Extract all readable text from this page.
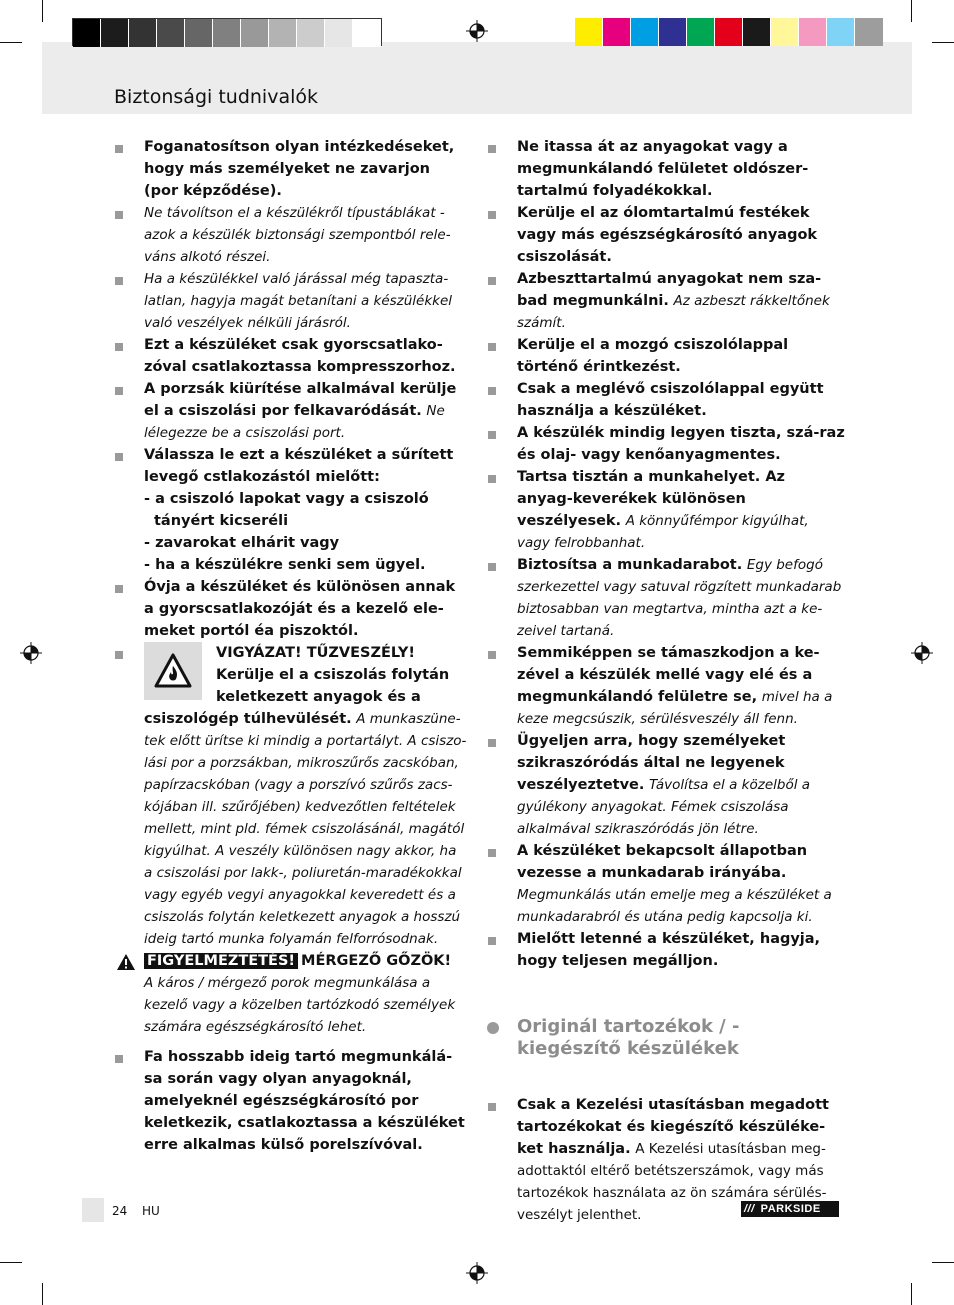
Biztonsági tudnivalók
Foganatosítson olyan intézkedéseket, hogy más személyeket ne zavarjon (por képződése).
Ne távolítson el a készülékről típustáblákat - azok a készülék biztonsági szempontból rele-váns alkotó részei.
Ha a készülékkel való járással még tapaszta-latlan, hagyja magát betanítani a készülékkel való veszélyek nélküli járásról.
Ezt a készüléket csak gyorscsatlako-zóval csatlakoztassa kompresszorhoz.
A porzsák kiürítése alkalmával kerülje el a csiszolási por felkavaródását. Ne lélegezze be a csiszolási port.
Válassza le ezt a készüléket a sűrített levegő cstlakozástól mielőtt:
- a csiszoló lapokat vagy a csiszoló
tányért kicseréli
- zavarokat elhárit vagy
- ha a készülékre senki sem ügyel.
Óvja a készüléket és különösen annak a gyorscsatlakozóját és a kezelő ele-meket portól éa piszoktól.
VIGYÁZAT! TŰZVESZÉLY!
Kerülje el a csiszolás folytán keletkezett anyagok és a
csiszológép túlhevülését. A munkaszüne-tek előtt ürítse ki mindig a portartályt. A csiszo-lási por a porzsákban, mikroszűrős zacskóban, papírzacskóban (vagy a porszívó szűrős zacs-kójában ill. szűrőjében) kedvezőtlen feltételek mellett, mint pld. fémek csiszolásánál, magától kigyúlhat. A veszély különösen nagy akkor, ha a csiszolási por lakk-, poliuretán-maradékokkal vagy egyéb vegyi anyagokkal keveredett és a csiszolás folytán keletkezett anyagok a hosszú ideig tartó munka folyamán felforrósodnak.
FIGYELMEZTETÉS! MÉRGEZŐ GŐZÖK!
A káros / mérgező porok megmunkálása a kezelő vagy a közelben tartózkodó személyek számára egészségkárosító lehet.
Fa hosszabb ideig tartó megmunkálá-sa során vagy olyan anyagoknál, amelyeknél egészségkárosító por keletkezik, csatlakoztassa a készüléket erre alkalmas külső porelszívóval.
Ne itassa át az anyagokat vagy a megmunkálandó felületet oldószer-tartalmú folyadékokkal.
Kerülje el az ólomtartalmú festékek vagy más egészségkárosító anyagok csiszolását.
Azbeszttartalmú anyagokat nem sza-bad megmunkálni. Az azbeszt rákkeltőnek számít.
Kerülje el a mozgó csiszolólappal történő érintkezést.
Csak a meglévő csiszolólappal együtt használja a készüléket.
A készülék mindig legyen tiszta, szá-raz és olaj- vagy kenőanyagmentes.
Tartsa tisztán a munkahelyet. Az anyag-keverékek különösen veszélyesek. A könnyűfémpor kigyúlhat, vagy felrobbanhat.
Biztosítsa a munkadarabot. Egy befogó szerkezettel vagy satuval rögzített munkadarab biztosabban van megtartva, mintha azt a ke-zeivel tartaná.
Semmiképpen se támaszkodjon a ke-zével a készülék mellé vagy elé és a megmunkálandó felületre se, mivel ha a keze megcsúszik, sérülésveszély áll fenn.
Ügyeljen arra, hogy személyeket szikraszóródás által ne legyenek veszélyeztetve. Távolítsa el a közelből a gyúlékony anyagokat. Fémek csiszolása alkalmával szikraszóródás jön létre.
A készüléket bekapcsolt állapotban vezesse a munkadarab irányába. Megmunkálás után emelje meg a készüléket a munkadarabról és utána pedig kapcsolja ki.
Mielőtt letenné a készüléket, hagyja, hogy teljesen megálljon.
Originál tartozékok / - kiegészítő készülékek
Csak a Kezelési utasításban megadott tartozékokat és kiegészítő készüléke-ket használja. A Kezelési utasításban meg-adottaktól eltérő betétszerszámok, vagy más tartozékok használata az ön számára sérülés-veszélyt jelenthet.
24 HU	/// PARKSIDE
